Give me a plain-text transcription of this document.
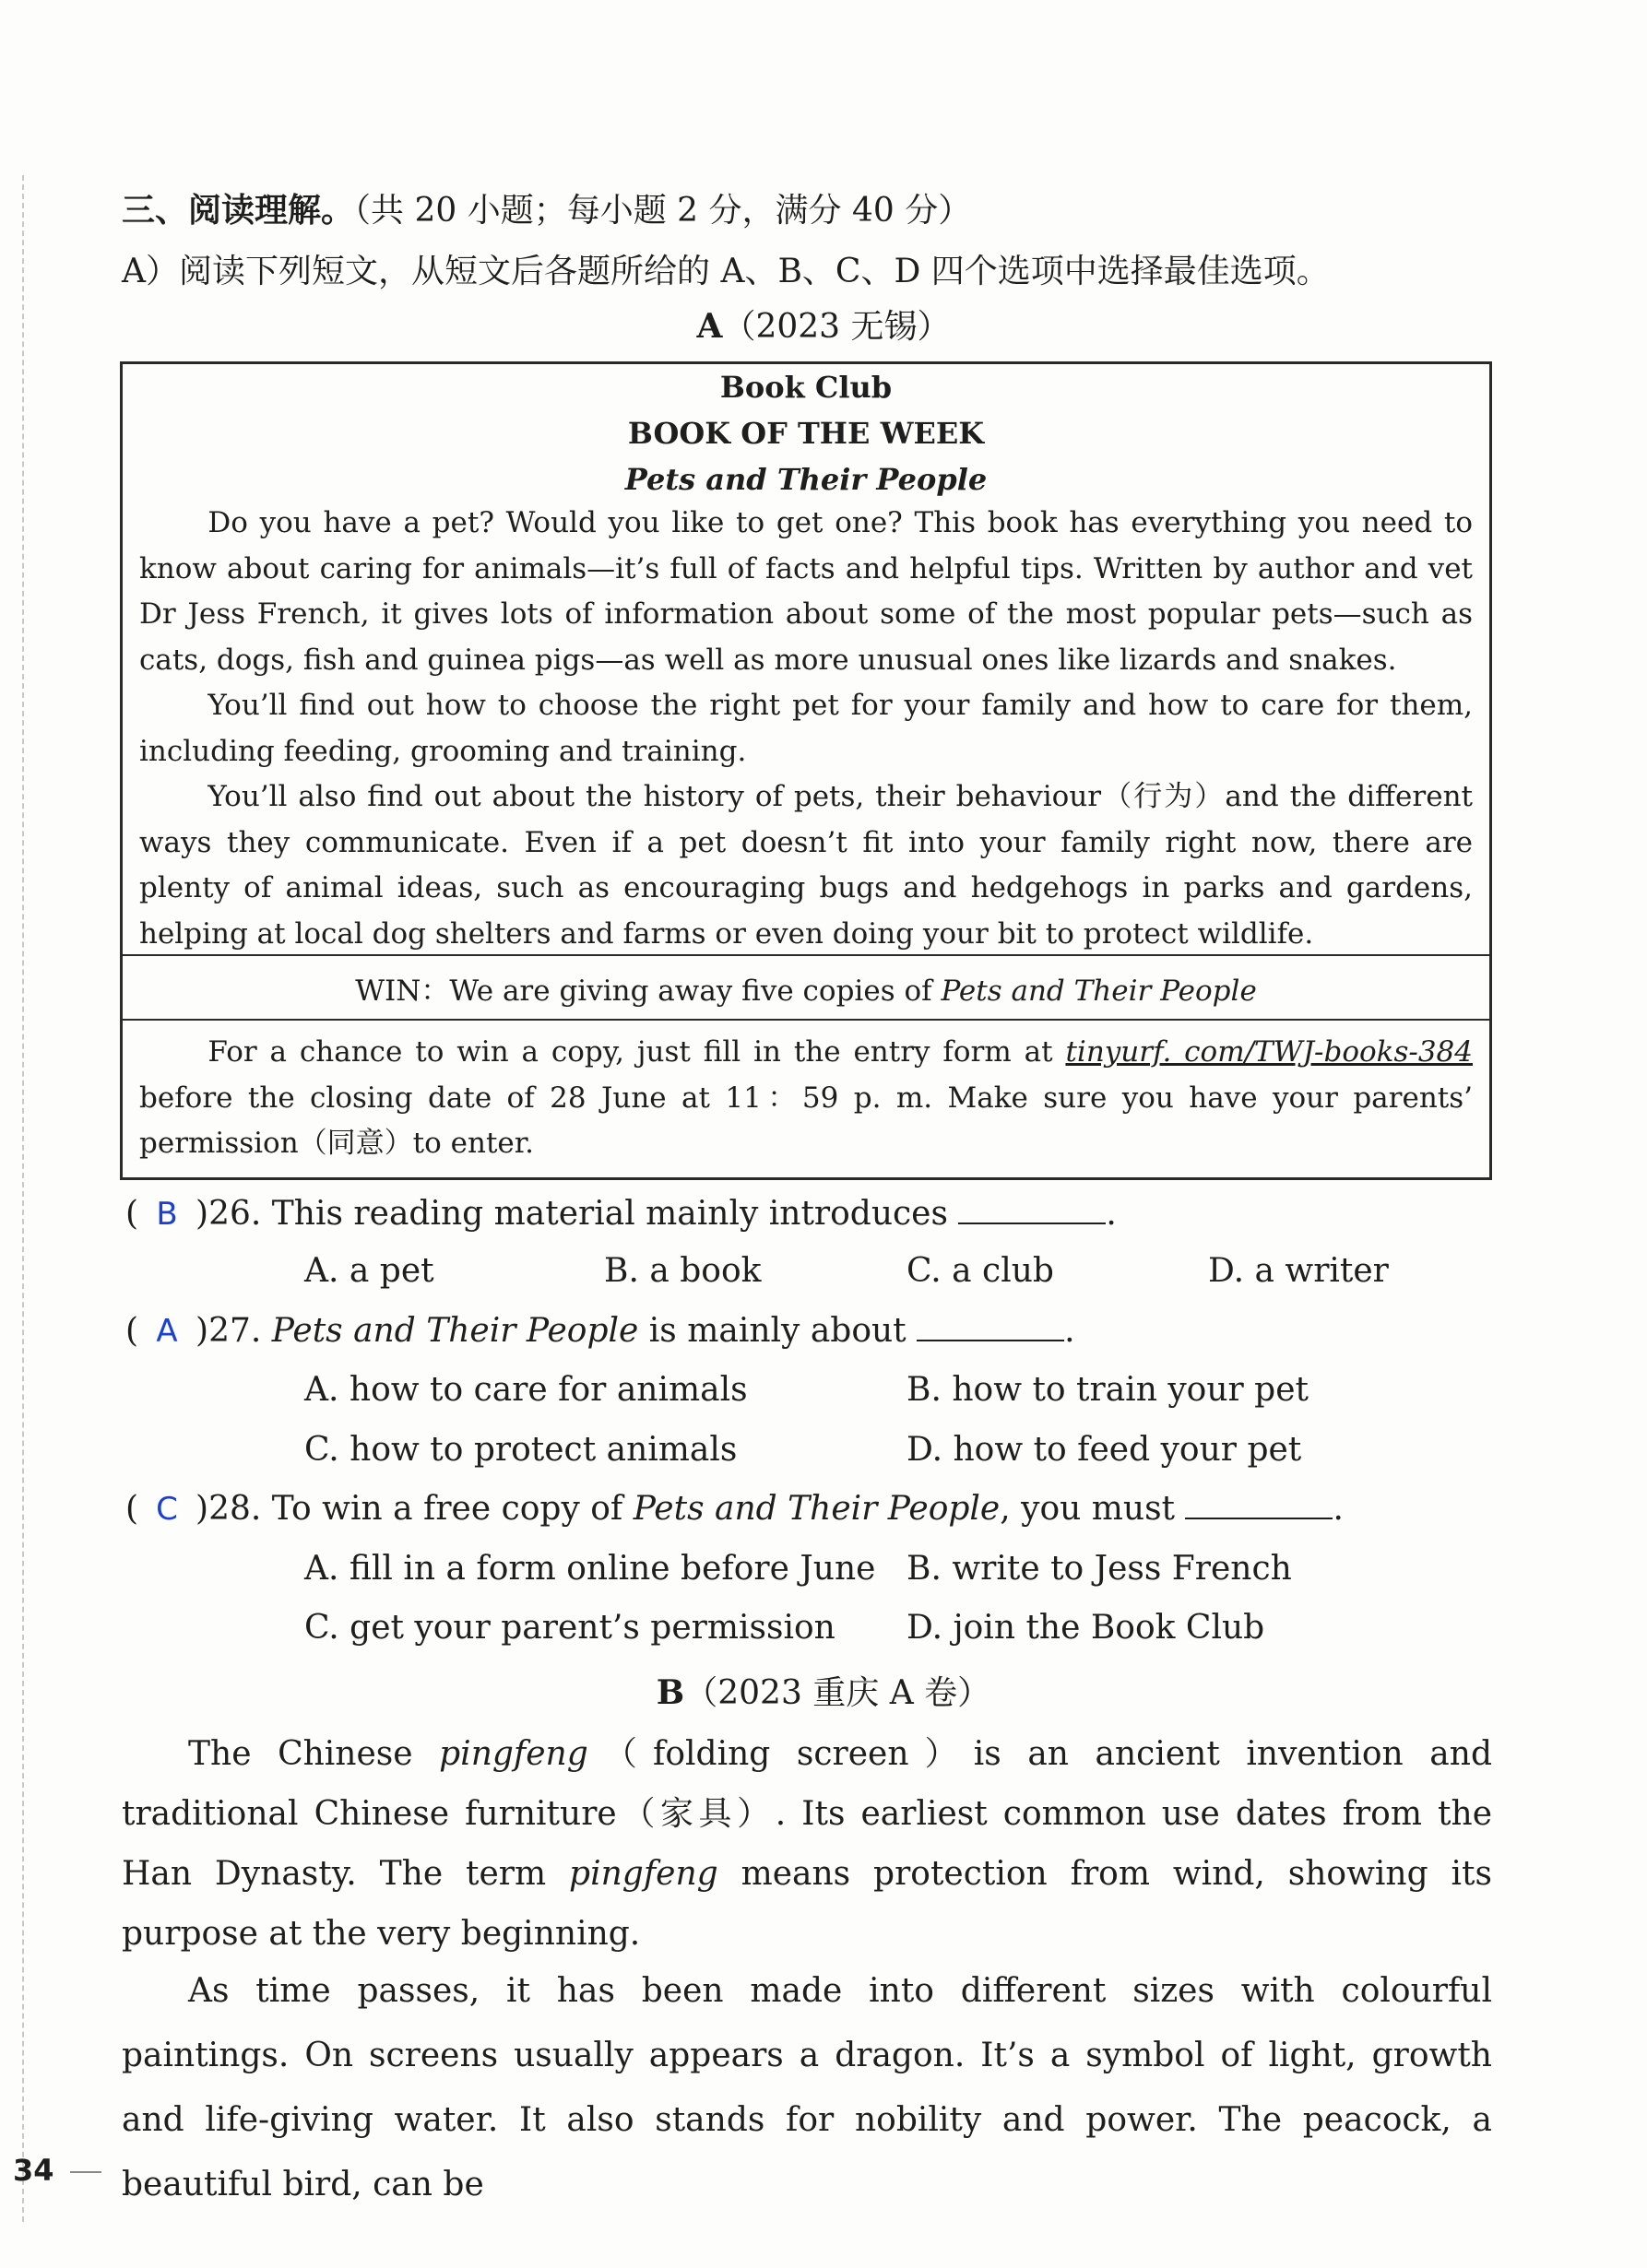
三、阅读理解。（共 20 小题；每小题 2 分，满分 40 分）
A）阅读下列短文，从短文后各题所给的 A、B、C、D 四个选项中选择最佳选项。
A（2023 无锡）
Book Club
BOOK OF THE WEEK
Pets and Their People

Do you have a pet? Would you like to get one? This book has everything you need to know about caring for animals—it’s full of facts and helpful tips. Written by author and vet Dr Jess French, it gives lots of information about some of the most popular pets—such as cats, dogs, fish and guinea pigs—as well as more unusual ones like lizards and snakes.

You’ll find out how to choose the right pet for your family and how to care for them, including feeding, grooming and training.

You’ll also find out about the history of pets, their behaviour（行为）and the different ways they communicate. Even if a pet doesn’t fit into your family right now, there are plenty of animal ideas, such as encouraging bugs and hedgehogs in parks and gardens, helping at local dog shelters and farms or even doing your bit to protect wildlife.

WIN：We are giving away five copies of Pets and Their People

For a chance to win a copy, just fill in the entry form at tinyurf. com/TWJ-books-384 before the closing date of 28 June at 11：59 p. m. Make sure you have your parents’ permission（同意）to enter.

( B )26. This reading material mainly introduces	.
A. a pet	B. a book	C. a club	D. a writer
( A )27. Pets and Their People is mainly about	.
A. how to care for animals	B. how to train your pet
C. how to protect animals	D. how to feed your pet
( C )28. To win a free copy of Pets and Their People, you must	.
A. fill in a form online before June B. write to Jess French
C. get your parent’s permission D. join the Book Club
B（2023 重庆 A 卷）

The Chinese pingfeng（folding screen）is an ancient invention and traditional Chinese furniture（家具）. Its earliest common use dates from the Han Dynasty. The term pingfeng means protection from wind, showing its purpose at the very beginning.

As time passes, it has been made into different sizes with colourful paintings. On screens usually appears a dragon. It’s a symbol of light, growth and life-giving water. It also stands for nobility and power. The peacock, a beautiful bird, can be

34
